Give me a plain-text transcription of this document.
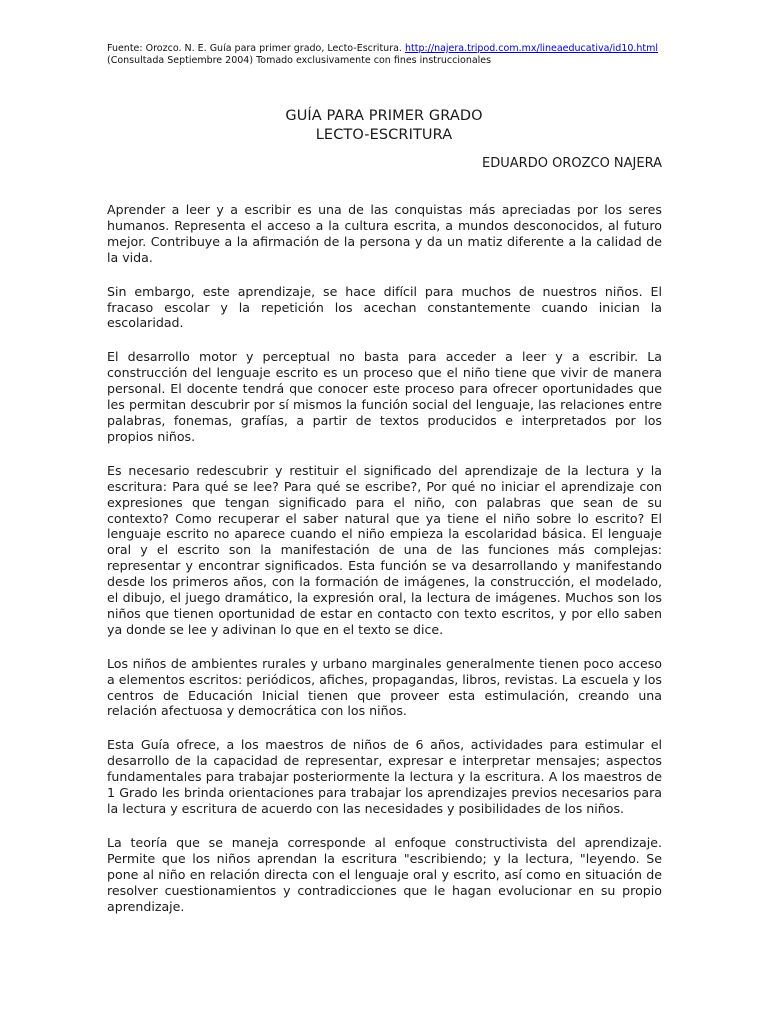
Fuente: Orozco. N. E. Guía para primer grado, Lecto-Escritura. http://najera.tripod.com.mx/lineaeducativa/id10.html
(Consultada Septiembre 2004) Tomado exclusivamente con fines instruccionales
GUÍA PARA PRIMER GRADO
LECTO-ESCRITURA
EDUARDO OROZCO NAJERA

Aprender a leer y a escribir es una de las conquistas más apreciadas por los seres humanos. Representa el acceso a la cultura escrita, a mundos desconocidos, al futuro mejor. Contribuye a la afirmación de la persona y da un matiz diferente a la calidad de la vida.

Sin embargo, este aprendizaje, se hace difícil para muchos de nuestros niños. El fracaso escolar y la repetición los acechan constantemente cuando inician la escolaridad.

El desarrollo motor y perceptual no basta para acceder a leer y a escribir. La construcción del lenguaje escrito es un proceso que el niño tiene que vivir de manera personal. El docente tendrá que conocer este proceso para ofrecer oportunidades que les permitan descubrir por sí mismos la función social del lenguaje, las relaciones entre palabras, fonemas, grafías, a partir de textos producidos e interpretados por los propios niños.

Es necesario redescubrir y restituir el significado del aprendizaje de la lectura y la escritura: Para qué se lee? Para qué se escribe?, Por qué no iniciar el aprendizaje con expresiones que tengan significado para el niño, con palabras que sean de su contexto? Como recuperar el saber natural que ya tiene el niño sobre lo escrito? El lenguaje escrito no aparece cuando el niño empieza la escolaridad básica. El lenguaje oral y el escrito son la manifestación de una de las funciones más complejas: representar y encontrar significados. Esta función se va desarrollando y manifestando desde los primeros años, con la formación de imágenes, la construcción, el modelado, el dibujo, el juego dramático, la expresión oral, la lectura de imágenes. Muchos son los niños que tienen oportunidad de estar en contacto con texto escritos, y por ello saben ya donde se lee y adivinan lo que en el texto se dice.

Los niños de ambientes rurales y urbano marginales generalmente tienen poco acceso a elementos escritos: periódicos, afiches, propagandas, libros, revistas. La escuela y los centros de Educación Inicial tienen que proveer esta estimulación, creando una relación afectuosa y democrática con los niños.

Esta Guía ofrece, a los maestros de niños de 6 años, actividades para estimular el desarrollo de la capacidad de representar, expresar e interpretar mensajes; aspectos fundamentales para trabajar posteriormente la lectura y la escritura. A los maestros de 1 Grado les brinda orientaciones para trabajar los aprendizajes previos necesarios para la lectura y escritura de acuerdo con las necesidades y posibilidades de los niños.

La teoría que se maneja corresponde al enfoque constructivista del aprendizaje. Permite que los niños aprendan la escritura "escribiendo; y la lectura, "leyendo. Se pone al niño en relación directa con el lenguaje oral y escrito, así como en situación de resolver cuestionamientos y contradicciones que le hagan evolucionar en su propio aprendizaje.
